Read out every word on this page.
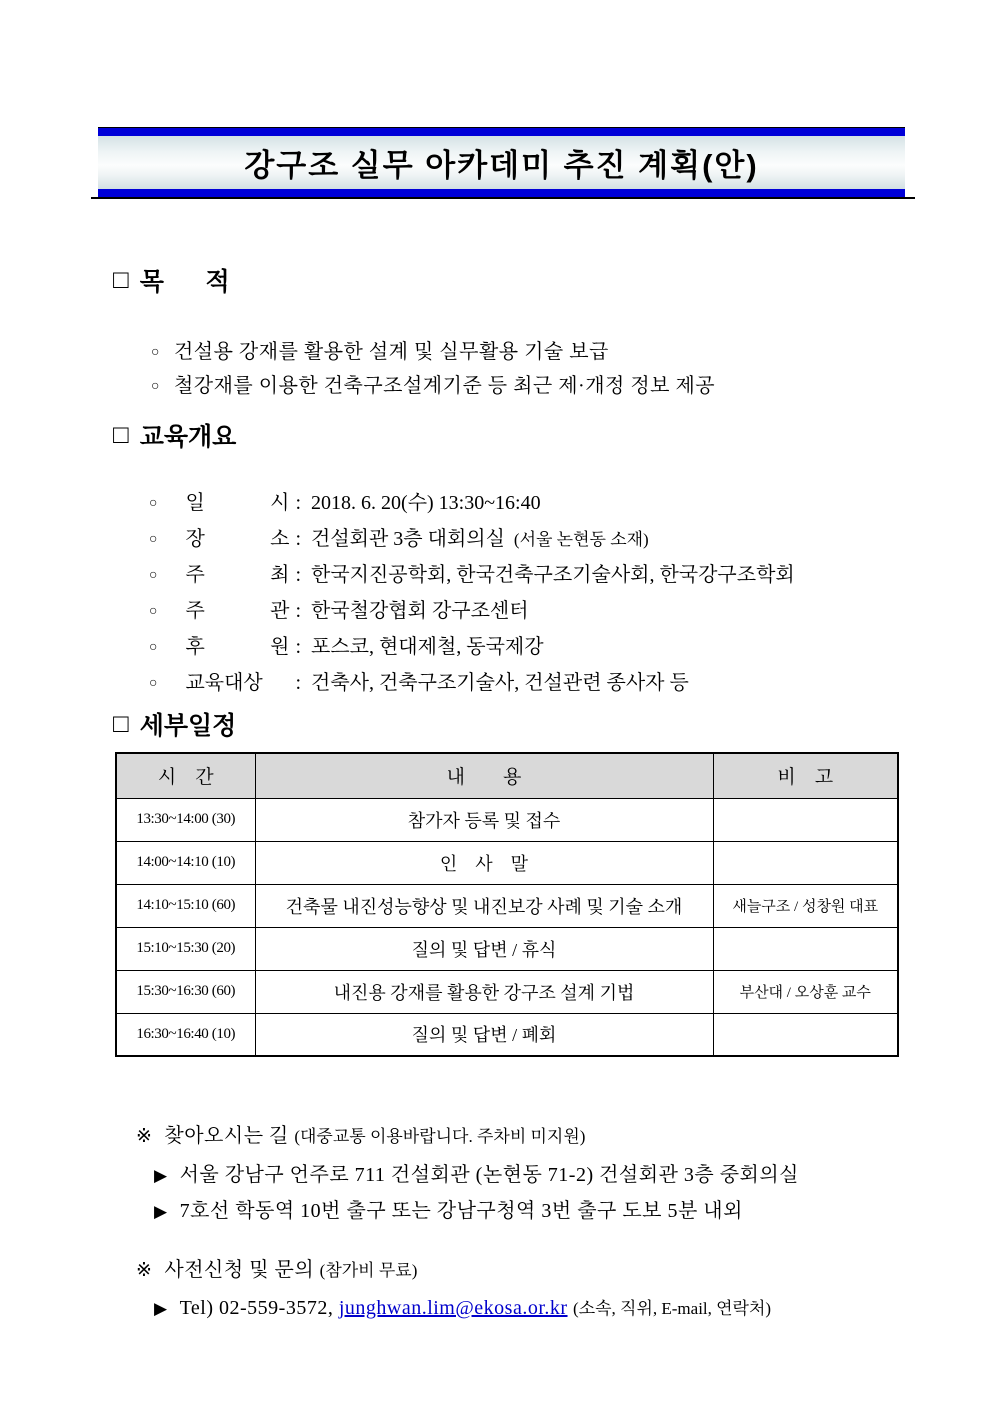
강구조 실무 아카데미 추진 계획(안)
□ 목      적

○ 건설용 강재를 활용한 설계 및 실무활용 기술 보급

○ 철강재를 이용한 건축구조설계기준 등 최근 제·개정 정보 제공

□ 교육개요

○ 일 시 : 2018. 6. 20(수) 13:30~16:40

○ 장 소 : 건설회관 3층 대회의실 (서울 논현동 소재)

○ 주 최 : 한국지진공학회, 한국건축구조기술사회, 한국강구조학회

○ 주 관 : 한국철강협회 강구조센터

○ 후 원 : 포스코, 현대제철, 동국제강

○ 교육대상 : 건축사, 건축구조기술사, 건설관련 종사자 등

□ 세부일정
시    간	내        용	비    고
13:30~14:00 (30)	참가자 등록 및 접수	
14:00~14:10 (10)	인    사    말	
14:10~15:10 (60)	건축물 내진성능향상 및 내진보강 사례 및 기술 소개	새늘구조 / 성창원 대표
15:10~15:30 (20)	질의 및 답변 / 휴식	
15:30~16:30 (60)	내진용 강재를 활용한 강구조 설계 기법	부산대 / 오상훈 교수
16:30~16:40 (10)	질의 및 답변 / 폐회	

※ 찾아오시는 길 (대중교통 이용바랍니다. 주차비 미지원)

▶ 서울 강남구 언주로 711 건설회관 (논현동 71-2) 건설회관 3층 중회의실

▶ 7호선 학동역 10번 출구 또는 강남구청역 3번 출구 도보 5분 내외

※ 사전신청 및 문의 (참가비 무료)

▶ Tel) 02-559-3572, junghwan.lim@ekosa.or.kr (소속, 직위, E-mail, 연락처)
